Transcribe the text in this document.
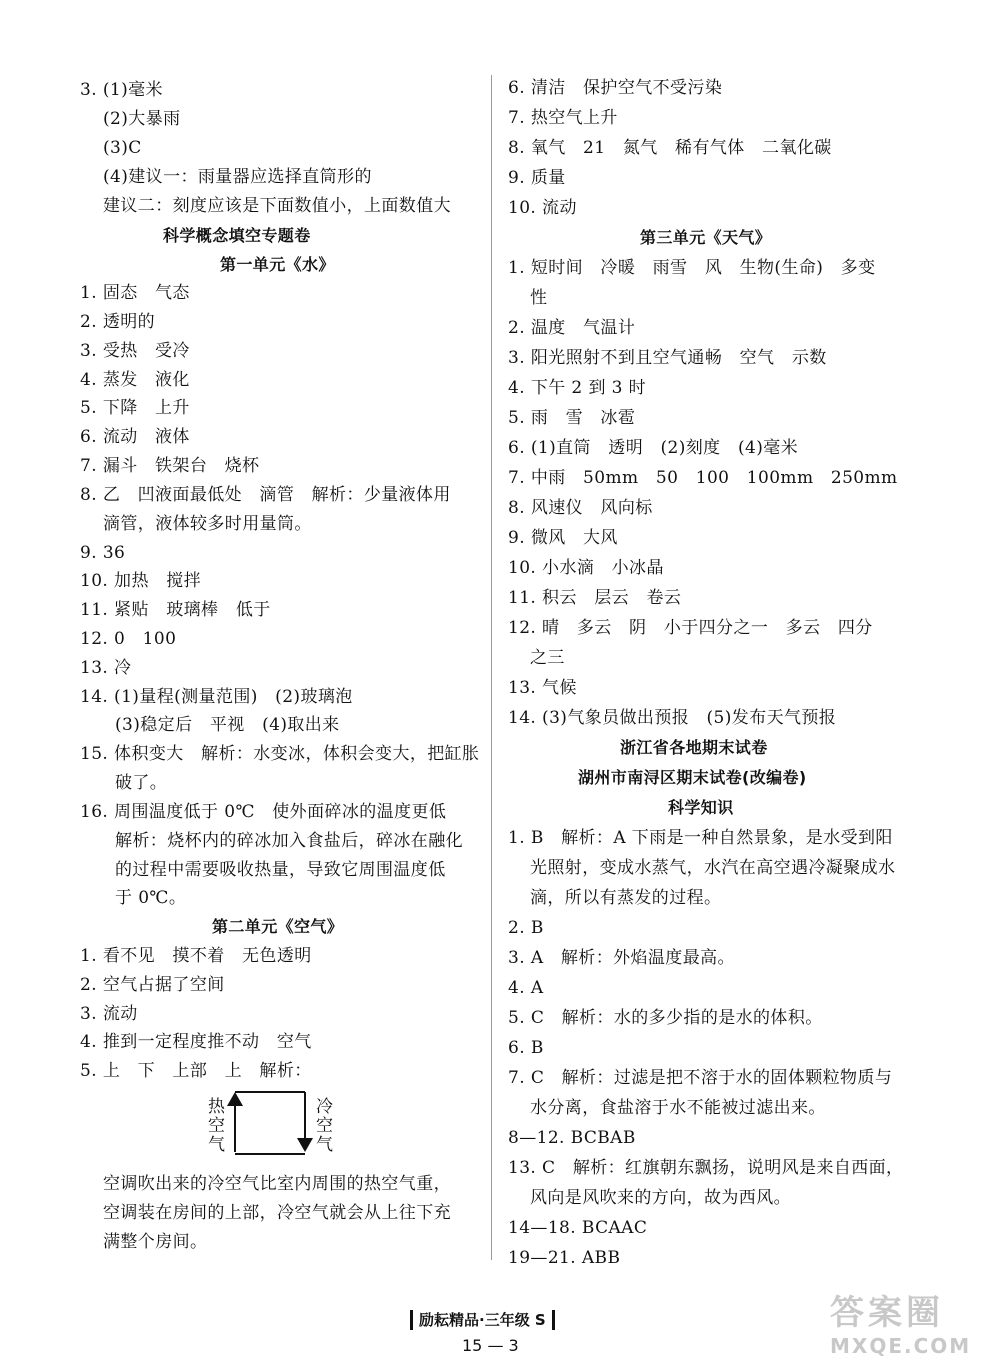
3. (1)毫米
(2)大暴雨
(3)C
(4)建议一：雨量器应选择直筒形的
建议二：刻度应该是下面数值小，上面数值大
科学概念填空专题卷
第一单元《水》
1. 固态　气态
2. 透明的
3. 受热　受冷
4. 蒸发　液化
5. 下降　上升
6. 流动　液体
7. 漏斗　铁架台　烧杯
8. 乙　凹液面最低处　滴管　解析：少量液体用
滴管，液体较多时用量筒。
9. 36
10. 加热　搅拌
11. 紧贴　玻璃棒　低于
12. 0　100
13. 冷
14. (1)量程(测量范围)　(2)玻璃泡
(3)稳定后　平视　(4)取出来
15. 体积变大　解析：水变冰，体积会变大，把缸胀
破了。
16. 周围温度低于 0℃　使外面碎冰的温度更低
解析：烧杯内的碎冰加入食盐后，碎冰在融化
的过程中需要吸收热量，导致它周围温度低
于 0℃。
第二单元《空气》
1. 看不见　摸不着　无色透明
2. 空气占据了空间
3. 流动
4. 推到一定程度推不动　空气
5. 上　下　上部　上　解析：
热空气
冷空气
空调吹出来的冷空气比室内周围的热空气重，
空调装在房间的上部，冷空气就会从上往下充
满整个房间。
6. 清洁　保护空气不受污染
7. 热空气上升
8. 氧气　21　氮气　稀有气体　二氧化碳
9. 质量
10. 流动
第三单元《天气》
1. 短时间　冷暖　雨雪　风　生物(生命)　多变
性
2. 温度　气温计
3. 阳光照射不到且空气通畅　空气　示数
4. 下午 2 到 3 时
5. 雨　雪　冰雹
6. (1)直筒　透明　(2)刻度　(4)毫米
7. 中雨　50mm　50　100　100mm　250mm
8. 风速仪　风向标
9. 微风　大风
10. 小水滴　小冰晶
11. 积云　层云　卷云
12. 晴　多云　阴　小于四分之一　多云　四分
之三
13. 气候
14. (3)气象员做出预报　(5)发布天气预报
浙江省各地期末试卷
湖州市南浔区期末试卷(改编卷)
科学知识
1. B　解析：A 下雨是一种自然景象，是水受到阳
光照射，变成水蒸气，水汽在高空遇冷凝聚成水
滴，所以有蒸发的过程。
2. B
3. A　解析：外焰温度最高。
4. A
5. C　解析：水的多少指的是水的体积。
6. B
7. C　解析：过滤是把不溶于水的固体颗粒物质与
水分离，食盐溶于水不能被过滤出来。
8—12. BCBAB
13. C　解析：红旗朝东飘扬，说明风是来自西面，
风向是风吹来的方向，故为西风。
14—18. BCAAC
19—21. ABB
励耘精品·三年级 S
15 — 3
答案圈
MXQE.COM
